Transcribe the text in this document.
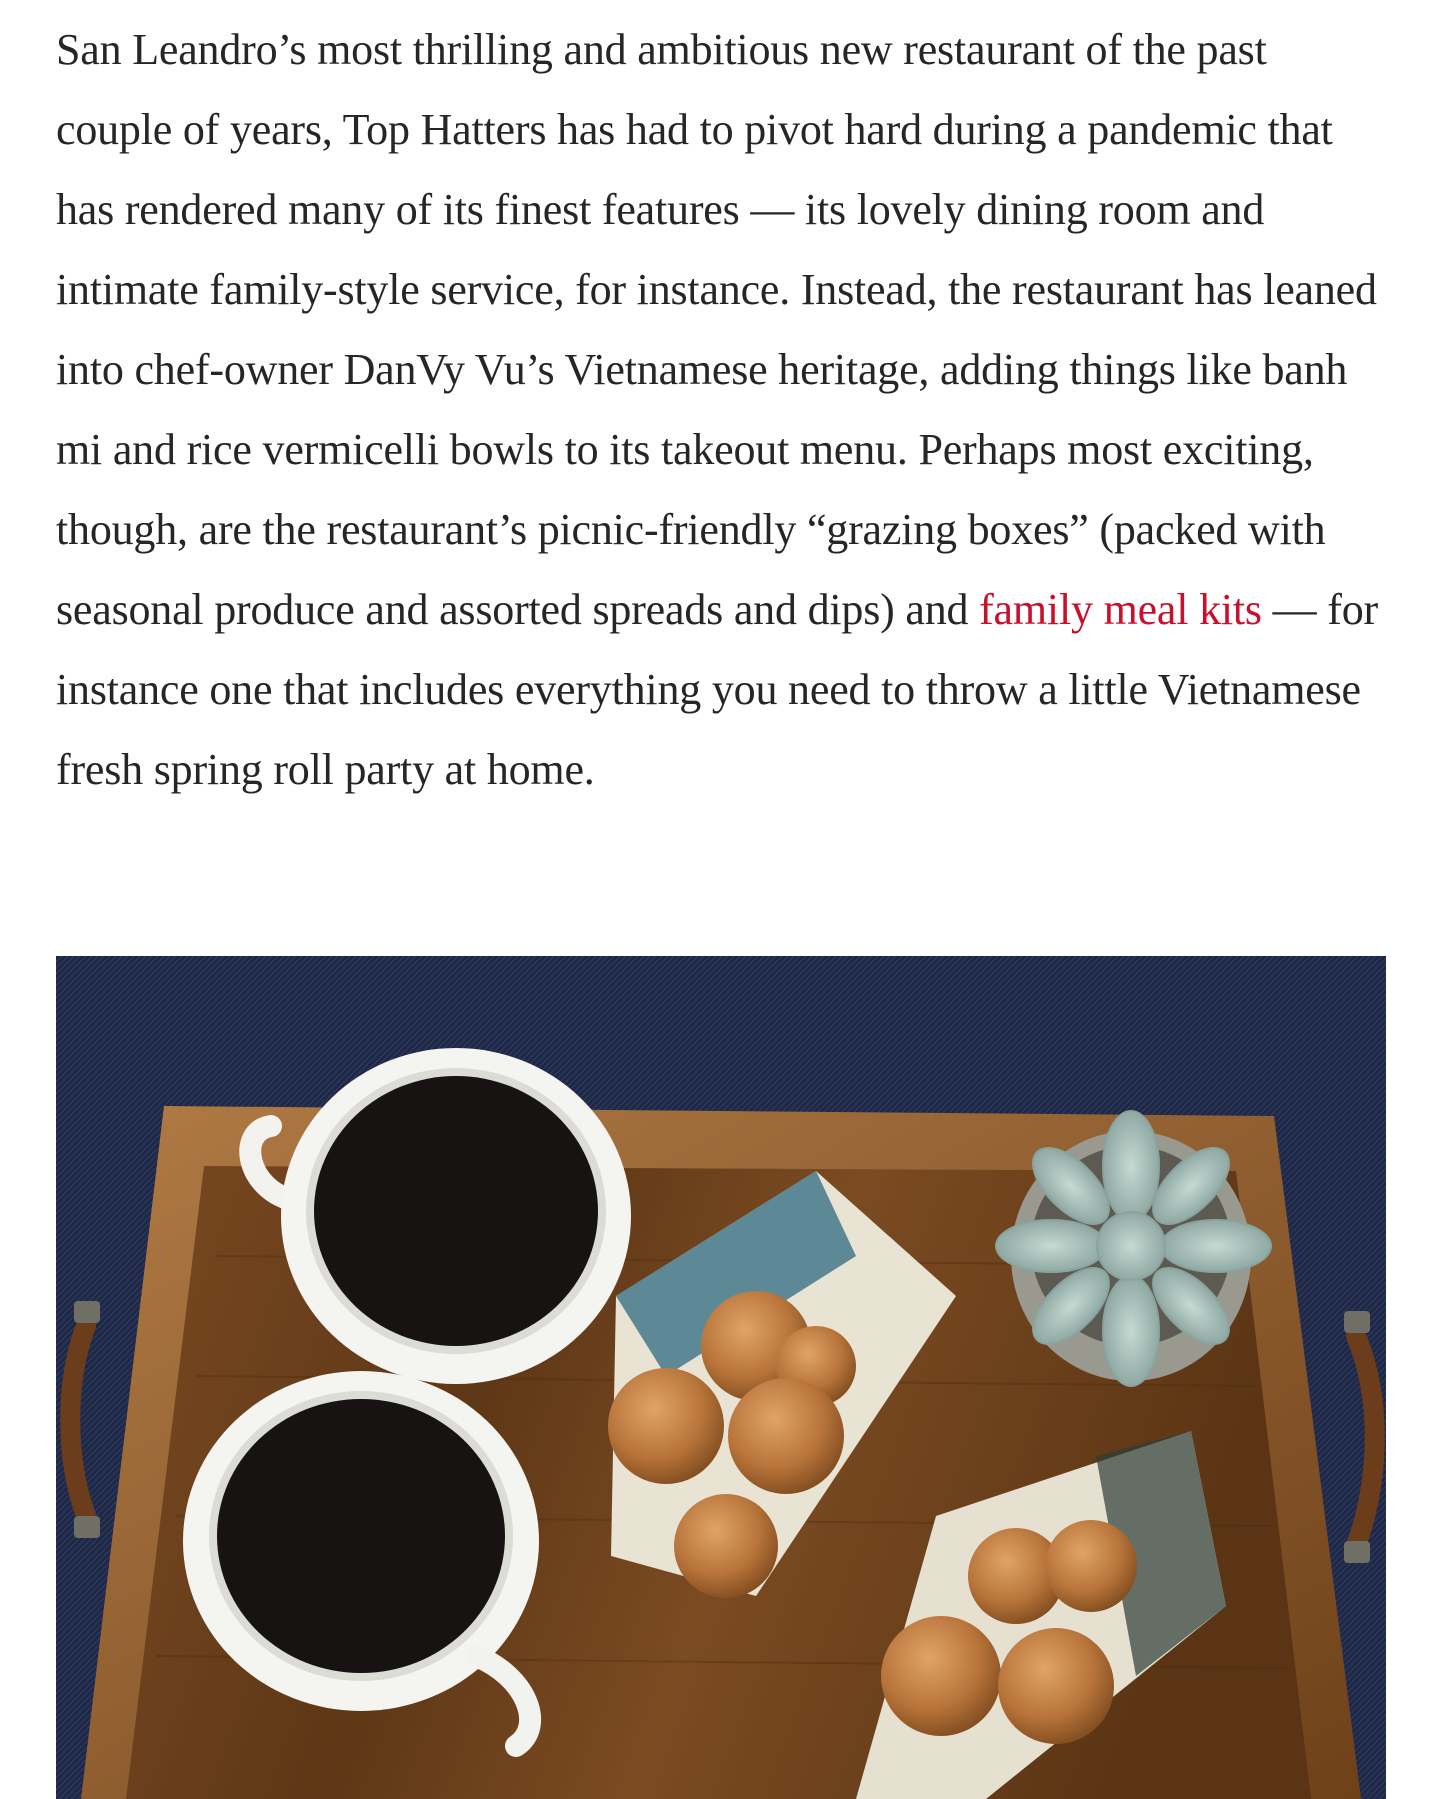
San Leandro’s most thrilling and ambitious new restaurant of the past couple of years, Top Hatters has had to pivot hard during a pandemic that has rendered many of its finest features — its lovely dining room and intimate family-style service, for instance. Instead, the restaurant has leaned into chef-owner DanVy Vu’s Vietnamese heritage, adding things like banh mi and rice vermicelli bowls to its takeout menu. Perhaps most exciting, though, are the restaurant’s picnic-friendly “grazing boxes” (packed with seasonal produce and assorted spreads and dips) and family meal kits — for instance one that includes everything you need to throw a little Vietnamese fresh spring roll party at home.
